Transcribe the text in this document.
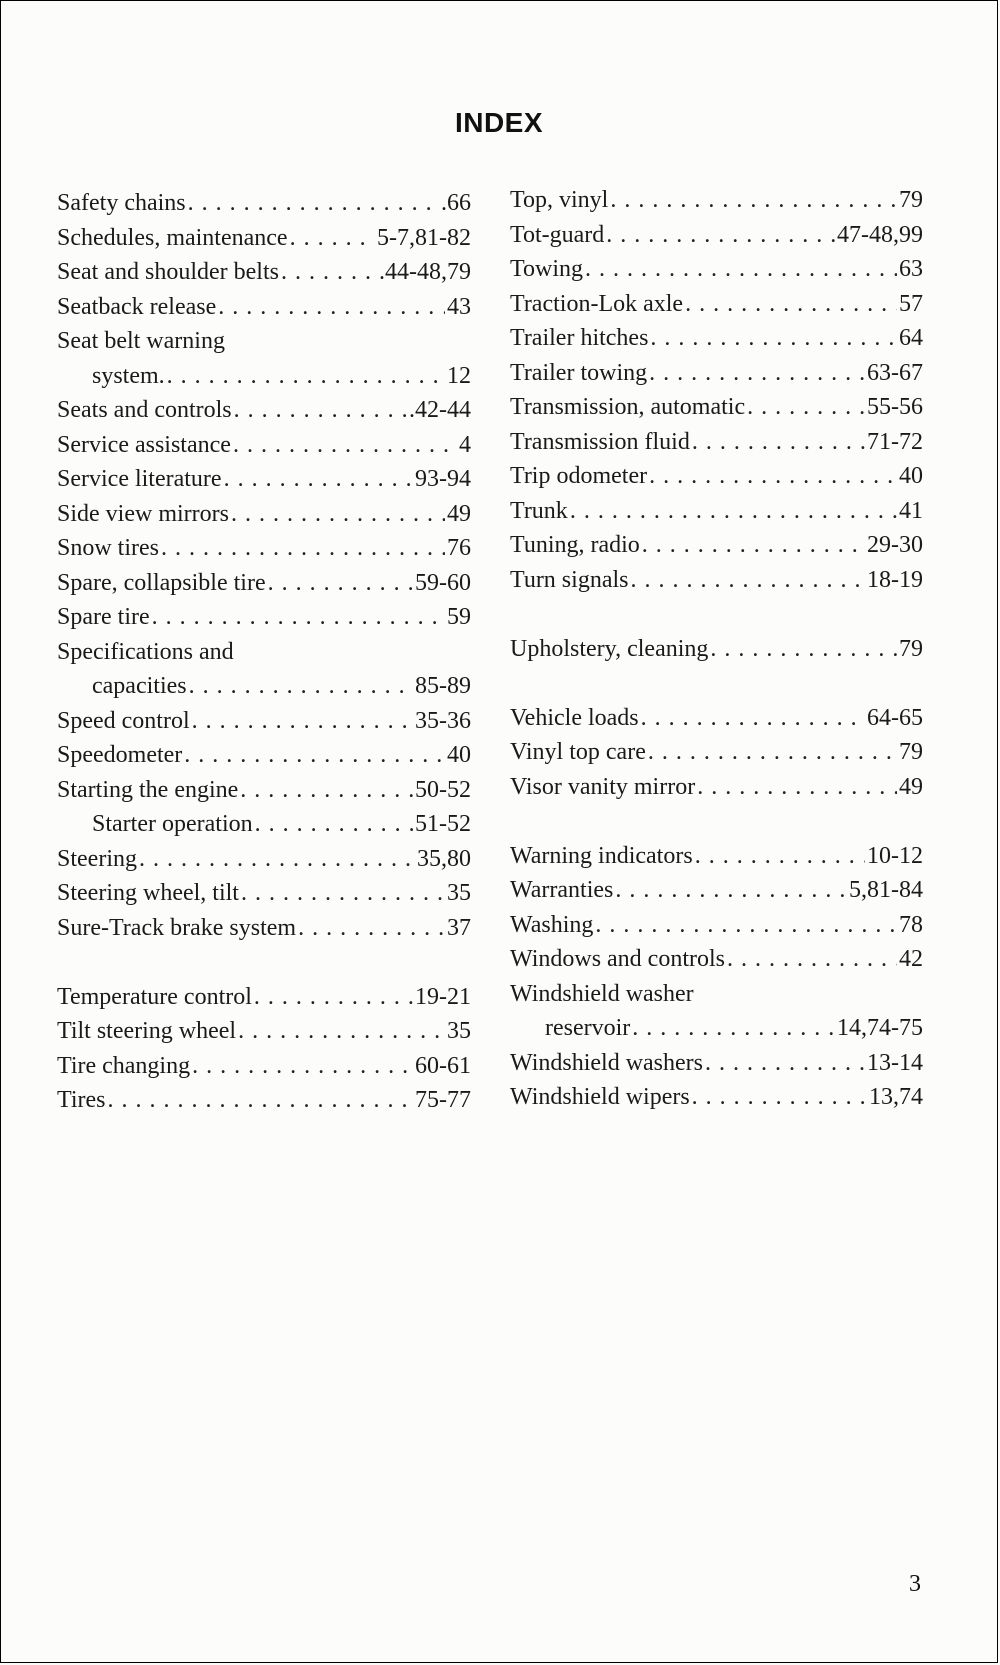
INDEX
Safety chains . . .	.66
Schedules, maintenance . . .	5-7,81-82
Seat and shoulder belts . . .	.44-48,79
Seatback release . . .	43
Seat belt warning
system. . . .	12
Seats and controls . . .	.42-44
Service assistance . . .	4
Service literature . . .	93-94
Side view mirrors . . .	49
Snow tires . . .	76
Spare, collapsible tire . . .	59-60
Spare tire . . .	59
Specifications and
capacities . . .	85-89
Speed control . . .	35-36
Speedometer . . .	40
Starting the engine . . .	50-52
Starter operation . . .	51-52
Steering . . .	35,80
Steering wheel, tilt . . .	35
Sure-Track brake system . . .	37
Temperature control . . .	19-21
Tilt steering wheel . . .	35
Tire changing . . .	60-61
Tires . . .	75-77
Top, vinyl . . .	79
Tot-guard . . .	47-48,99
Towing . . .	63
Traction-Lok axle . . .	57
Trailer hitches . . .	64
Trailer towing . . .	63-67
Transmission, automatic . . .	55-56
Transmission fluid . . .	71-72
Trip odometer . . .	40
Trunk . . .	41
Tuning, radio . . .	29-30
Turn signals . . .	18-19
Upholstery, cleaning . . .	79
Vehicle loads . . .	64-65
Vinyl top care . . .	79
Visor vanity mirror . . .	49
Warning indicators . . .	10-12
Warranties . . .	5,81-84
Washing . . .	78
Windows and controls . . .	42
Windshield washer
reservoir . . .	14,74-75
Windshield washers . . .	13-14
Windshield wipers . . .	13,74
3
